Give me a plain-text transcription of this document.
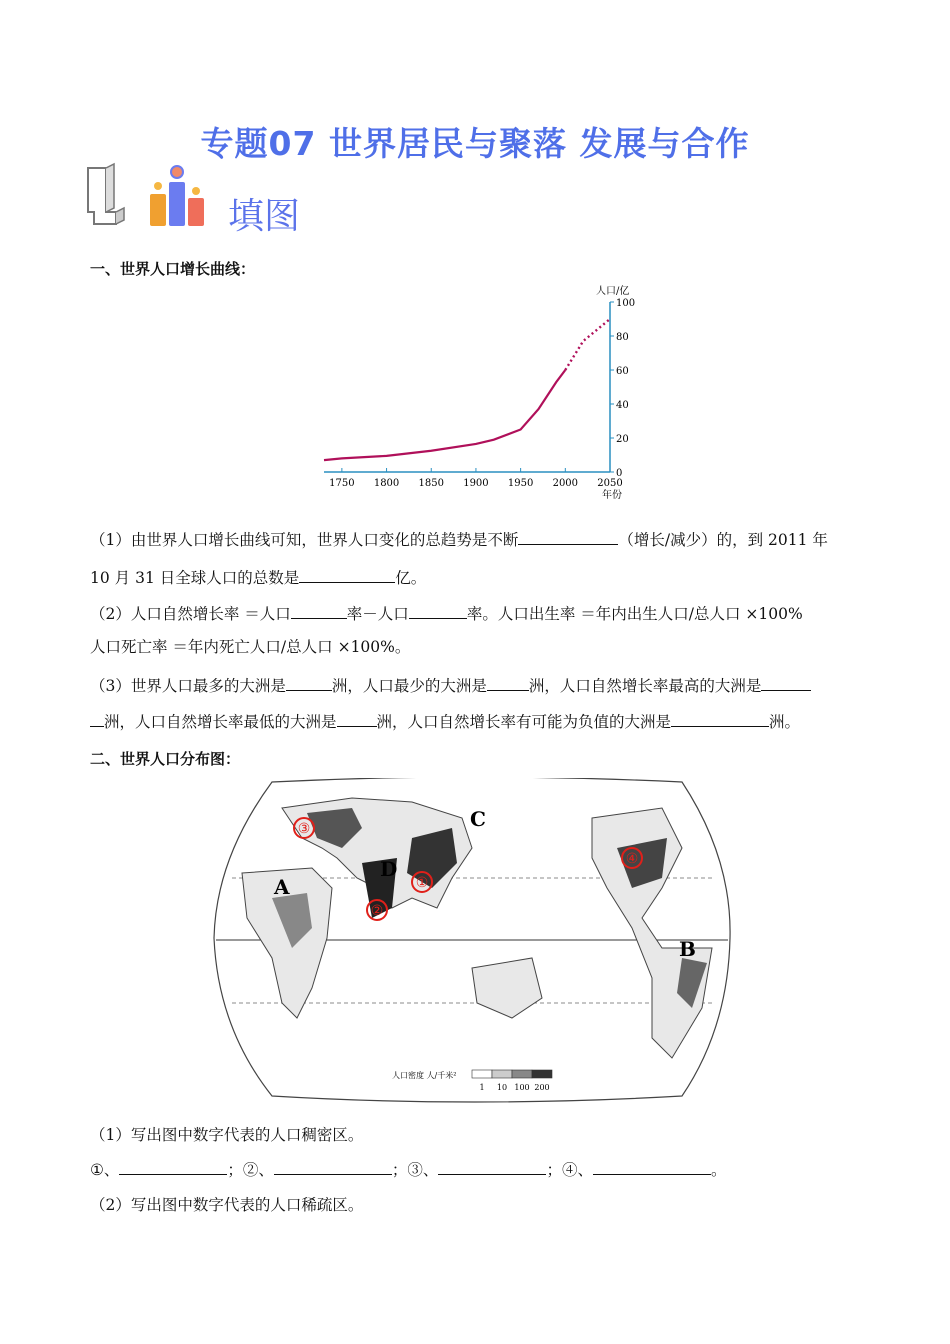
专题07 世界居民与聚落 发展与合作
填图
一、世界人口增长曲线：
1750 1800 1850 1900 1950 2000 2050
0
20
40
60
80
100
人口/亿
年份
（1）由世界人口增长曲线可知，世界人口变化的总趋势是不断	（增长/减少）的，到 2011 年
10 月 31 日全球人口的总数是	亿。
（2）人口自然增长率 ＝人口	率－人口	率。人口出生率 ＝年内出生人口/总人口 ×100%
人口死亡率 ＝年内死亡人口/总人口 ×100%。
（3）世界人口最多的大洲是	洲，人口最少的大洲是	洲，人口自然增长率最高的大洲是
洲，人口自然增长率最低的大洲是	洲，人口自然增长率有可能为负值的大洲是	洲。
二、世界人口分布图：
A
B
C
D
①
②
③
④
人口密度 人/千米²
1 10 100 200
（1）写出图中数字代表的人口稠密区。
①、	；②、	；③、	；④、	。
（2）写出图中数字代表的人口稀疏区。
